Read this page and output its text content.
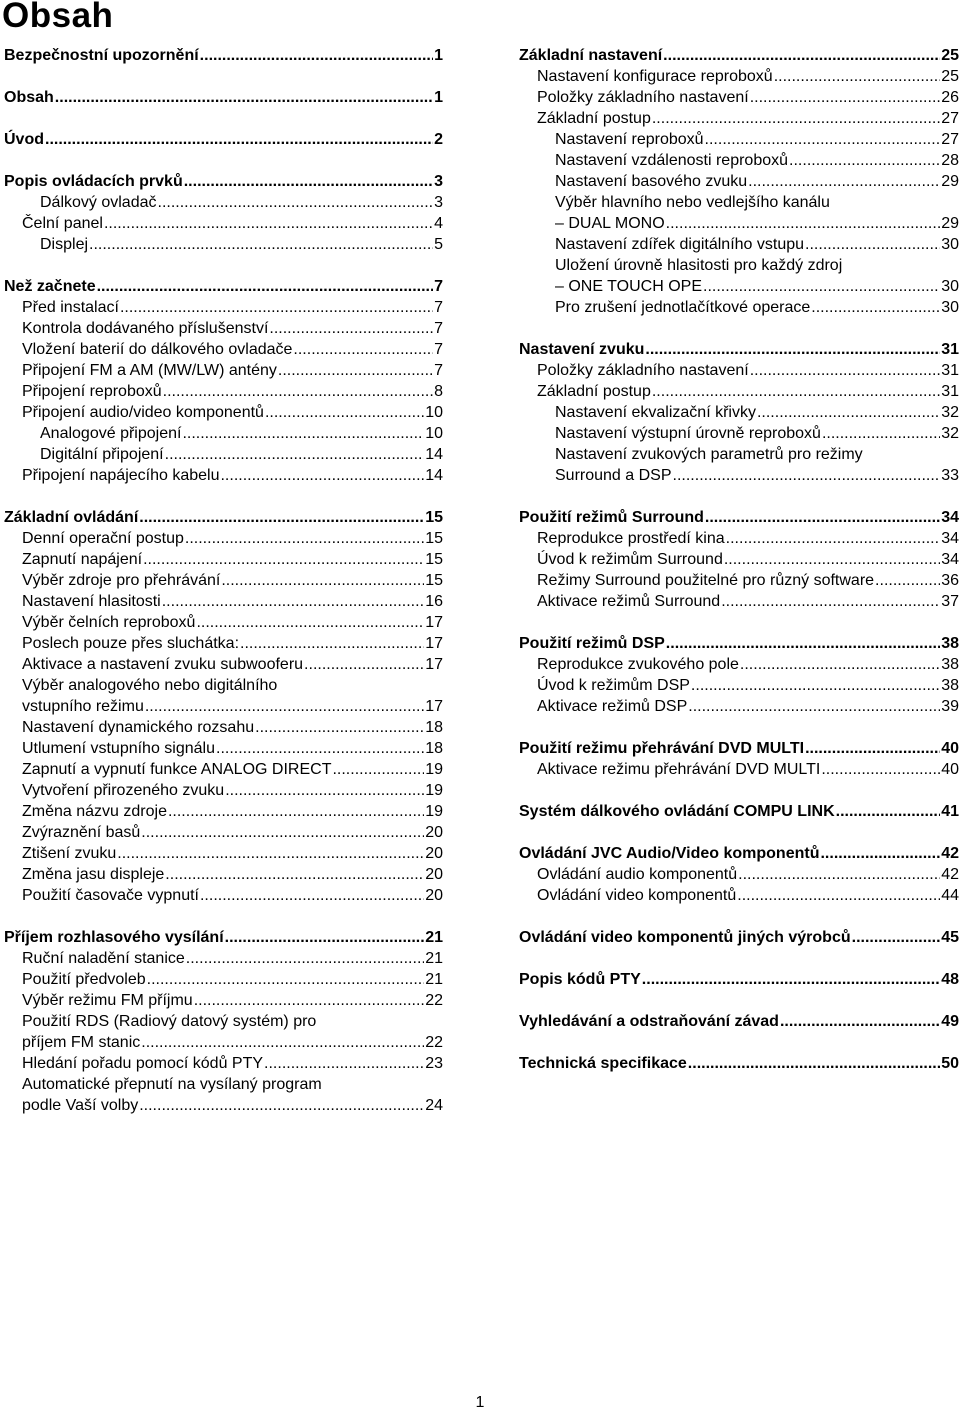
Obsah
Bezpečnostní upozornění .....	1
Obsah .....	1
Úvod .....	2
Popis ovládacích prvků .....	3
Dálkový ovladač .....	3
Čelní panel .....	4
Displej .....	5
Než začnete .....	7
Před instalací .....	7
Kontrola dodávaného příslušenství .....	7
Vložení baterií do dálkového ovladače .....	7
Připojení FM a AM (MW/LW) antény .....	7
Připojení reproboxů .....	8
Připojení audio/video komponentů .....	10
Analogové připojení .....	10
Digitální připojení .....	14
Připojení napájecího kabelu .....	14
Základní ovládání .....	15
Denní operační postup .....	15
Zapnutí napájení .....	15
Výběr zdroje pro přehrávání .....	15
Nastavení hlasitosti .....	16
Výběr čelních reproboxů .....	17
Poslech pouze přes sluchátka: .....	17
Aktivace a nastavení zvuku subwooferu .....	17
Výběr analogového nebo digitálního
vstupního režimu .....	17
Nastavení dynamického rozsahu .....	18
Utlumení vstupního signálu .....	18
Zapnutí a vypnutí funkce ANALOG DIRECT .....	19
Vytvoření přirozeného zvuku .....	19
Změna názvu zdroje .....	19
Zvýraznění basů .....	20
Ztišení zvuku .....	20
Změna jasu displeje .....	20
Použití časovače vypnutí .....	20
Příjem rozhlasového vysílání .....	21
Ruční naladění stanice .....	21
Použití předvoleb .....	21
Výběr režimu FM příjmu .....	22
Použití RDS (Radiový datový systém) pro
příjem FM stanic .....	22
Hledání pořadu pomocí kódů PTY .....	23
Automatické přepnutí na vysílaný program
podle Vaší volby .....	24
Základní nastavení .....	25
Nastavení konfigurace reproboxů .....	25
Položky základního nastavení .....	26
Základní postup .....	27
Nastavení reproboxů .....	27
Nastavení vzdálenosti reproboxů .....	28
Nastavení basového zvuku .....	29
Výběr hlavního nebo vedlejšího kanálu
– DUAL MONO .....	29
Nastavení zdířek digitálního vstupu .....	30
Uložení úrovně hlasitosti pro každý zdroj
– ONE TOUCH OPE .....	30
Pro zrušení jednotlačítkové operace .....	30
Nastavení zvuku .....	31
Položky základního nastavení .....	31
Základní postup .....	31
Nastavení ekvalizační křivky .....	32
Nastavení výstupní úrovně reproboxů .....	32
Nastavení zvukových parametrů pro režimy
Surround a DSP .....	33
Použití režimů Surround .....	34
Reprodukce prostředí kina .....	34
Úvod k režimům Surround .....	34
Režimy Surround použitelné pro různý software .....	36
Aktivace režimů Surround .....	37
Použití režimů DSP .....	38
Reprodukce zvukového pole .....	38
Úvod k režimům DSP .....	38
Aktivace režimů DSP .....	39
Použití režimu přehrávání DVD MULTI .....	40
Aktivace režimu přehrávání DVD MULTI .....	40
Systém dálkového ovládání COMPU LINK .....	41
Ovládání JVC Audio/Video komponentů .....	42
Ovládání audio komponentů .....	42
Ovládání video komponentů .....	44
Ovládání video komponentů jiných výrobců .....	45
Popis kódů PTY .....	48
Vyhledávání a odstraňování závad .....	49
Technická specifikace .....	50
1
